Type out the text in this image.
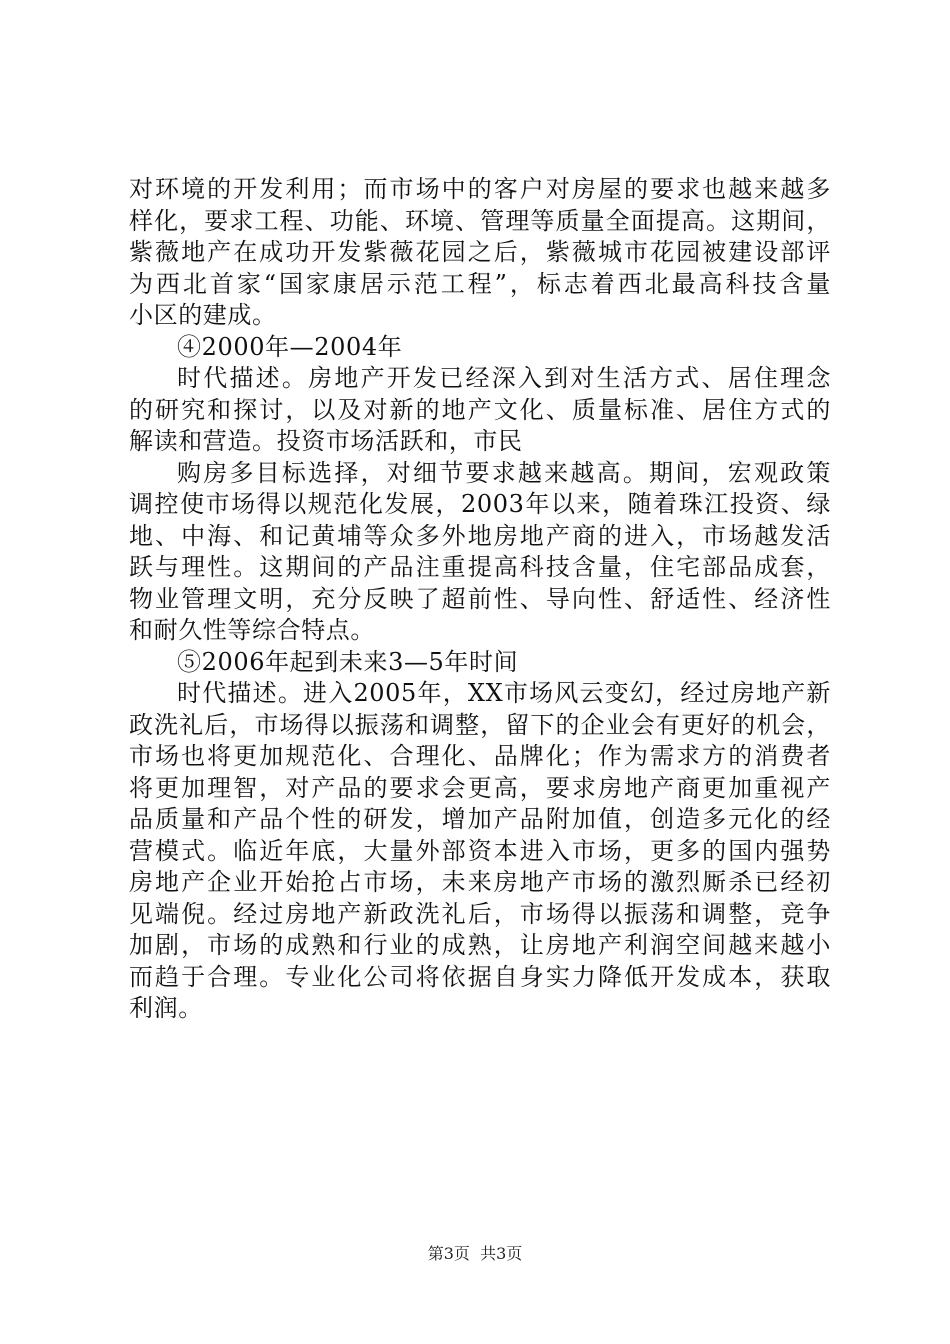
对环境的开发利用；而市场中的客户对房屋的要求也越来越多
样化，要求工程、功能、环境、管理等质量全面提高。这期间，
紫薇地产在成功开发紫薇花园之后，紫薇城市花园被建设部评
为西北首家“国家康居示范工程”，标志着西北最高科技含量
小区的建成。
④2000年—2004年
时代描述。房地产开发已经深入到对生活方式、居住理念
的研究和探讨，以及对新的地产文化、质量标准、居住方式的
解读和营造。投资市场活跃和，市民
购房多目标选择，对细节要求越来越高。期间，宏观政策
调控使市场得以规范化发展，2003年以来，随着珠江投资、绿
地、中海、和记黄埔等众多外地房地产商的进入，市场越发活
跃与理性。这期间的产品注重提高科技含量，住宅部品成套，
物业管理文明，充分反映了超前性、导向性、舒适性、经济性
和耐久性等综合特点。
⑤2006年起到未来3—5年时间
时代描述。进入2005年，XX市场风云变幻，经过房地产新
政洗礼后，市场得以振荡和调整，留下的企业会有更好的机会，
市场也将更加规范化、合理化、品牌化；作为需求方的消费者
将更加理智，对产品的要求会更高，要求房地产商更加重视产
品质量和产品个性的研发，增加产品附加值，创造多元化的经
营模式。临近年底，大量外部资本进入市场，更多的国内强势
房地产企业开始抢占市场，未来房地产市场的激烈厮杀已经初
见端倪。经过房地产新政洗礼后，市场得以振荡和调整，竞争
加剧，市场的成熟和行业的成熟，让房地产利润空间越来越小
而趋于合理。专业化公司将依据自身实力降低开发成本，获取
利润。
第3页 共3页
